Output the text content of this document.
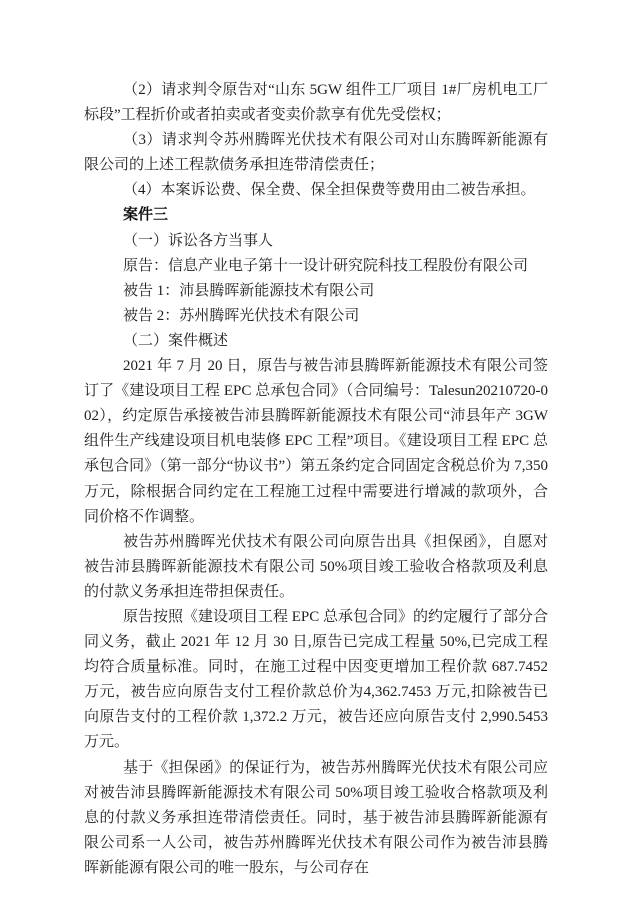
（2）请求判令原告对“山东 5GW 组件工厂项目 1#厂房机电工厂标段”工程折价或者拍卖或者变卖价款享有优先受偿权；

（3）请求判令苏州腾晖光伏技术有限公司对山东腾晖新能源有限公司的上述工程款债务承担连带清偿责任；

（4）本案诉讼费、保全费、保全担保费等费用由二被告承担。

案件三

（一）诉讼各方当事人

原告：信息产业电子第十一设计研究院科技工程股份有限公司

被告 1：沛县腾晖新能源技术有限公司

被告 2：苏州腾晖光伏技术有限公司

（二）案件概述

2021 年 7 月 20 日，原告与被告沛县腾晖新能源技术有限公司签订了《建设项目工程 EPC 总承包合同》（合同编号：Talesun20210720-002），约定原告承接被告沛县腾晖新能源技术有限公司“沛县年产 3GW 组件生产线建设项目机电装修 EPC 工程”项目。《建设项目工程 EPC 总承包合同》（第一部分“协议书”）第五条约定合同固定含税总价为 7,350 万元，除根据合同约定在工程施工过程中需要进行增减的款项外，合同价格不作调整。

被告苏州腾晖光伏技术有限公司向原告出具《担保函》，自愿对被告沛县腾晖新能源技术有限公司 50%项目竣工验收合格款项及利息的付款义务承担连带担保责任。

原告按照《建设项目工程 EPC 总承包合同》的约定履行了部分合同义务，截止 2021 年 12 月 30 日,原告已完成工程量 50%,已完成工程均符合质量标准。同时，在施工过程中因变更增加工程价款 687.7452 万元，被告应向原告支付工程价款总价为4,362.7453 万元,扣除被告已向原告支付的工程价款 1,372.2 万元，被告还应向原告支付 2,990.5453 万元。

基于《担保函》的保证行为，被告苏州腾晖光伏技术有限公司应对被告沛县腾晖新能源技术有限公司 50%项目竣工验收合格款项及利息的付款义务承担连带清偿责任。同时，基于被告沛县腾晖新能源有限公司系一人公司，被告苏州腾晖光伏技术有限公司作为被告沛县腾晖新能源有限公司的唯一股东，与公司存在
